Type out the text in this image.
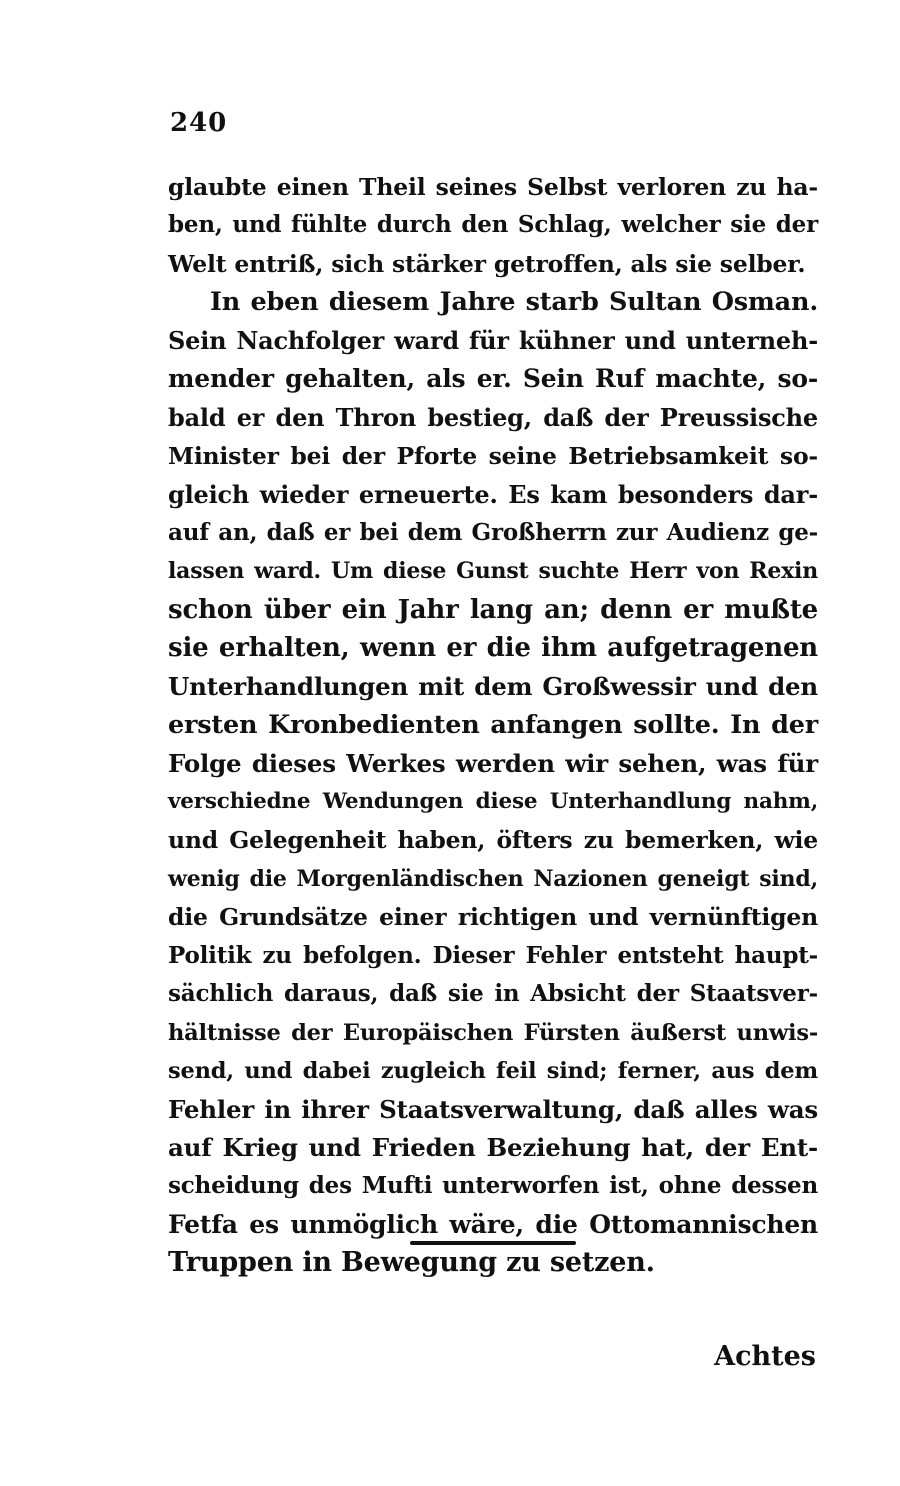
240
glaubte einen Theil seines Selbst verloren zu ha-
ben, und fühlte durch den Schlag, welcher sie der
Welt entriß, sich stärker getroffen, als sie selber.
In eben diesem Jahre starb Sultan Osman.
Sein Nachfolger ward für kühner und unterneh-
mender gehalten, als er. Sein Ruf machte, so-
bald er den Thron bestieg, daß der Preussische
Minister bei der Pforte seine Betriebsamkeit so-
gleich wieder erneuerte. Es kam besonders dar-
auf an, daß er bei dem Großherrn zur Audienz ge-
lassen ward. Um diese Gunst suchte Herr von Rexin
schon über ein Jahr lang an; denn er mußte
sie erhalten, wenn er die ihm aufgetragenen
Unterhandlungen mit dem Großwessir und den
ersten Kronbedienten anfangen sollte. In der
Folge dieses Werkes werden wir sehen, was für
verschiedne Wendungen diese Unterhandlung nahm,
und Gelegenheit haben, öfters zu bemerken, wie
wenig die Morgenländischen Nazionen geneigt sind,
die Grundsätze einer richtigen und vernünftigen
Politik zu befolgen. Dieser Fehler entsteht haupt-
sächlich daraus, daß sie in Absicht der Staatsver-
hältnisse der Europäischen Fürsten äußerst unwis-
send, und dabei zugleich feil sind; ferner, aus dem
Fehler in ihrer Staatsverwaltung, daß alles was
auf Krieg und Frieden Beziehung hat, der Ent-
scheidung des Mufti unterworfen ist, ohne dessen
Fetfa es unmöglich wäre, die Ottomannischen
Truppen in Bewegung zu setzen.
Achtes
